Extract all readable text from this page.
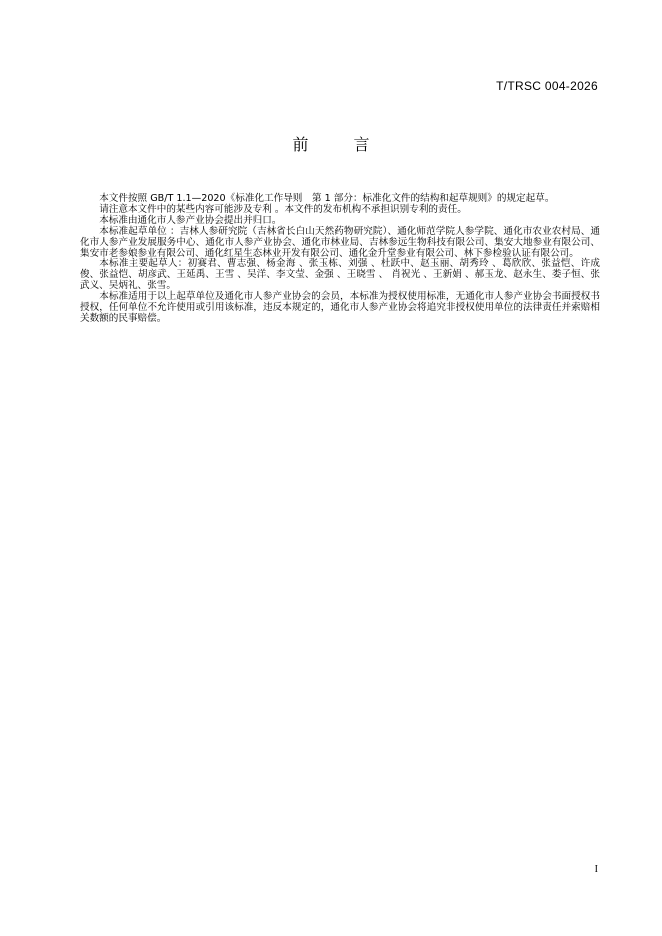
T/TRSC 004-2026
前 言

本文件按照 GB/T 1.1—2020《标准化工作导则　第 1 部分：标准化文件的结构和起草规则》的规定起草。

请注意本文件中的某些内容可能涉及专利 。本文件的发布机构不承担识别专利的责任。

本标准由通化市人参产业协会提出并归口。

本标准起草单位 ：吉林人参研究院（吉林省长白山天然药物研究院）、通化师范学院人参学院、通化市农业农村局、通化市人参产业发展服务中心、通化市人参产业协会、通化市林业局、吉林参远生物科技有限公司、集安大地参业有限公司、集安市老参娘参业有限公司、通化红星生态林业开发有限公司、通化金升堂参业有限公司、林下参检验认证有限公司。

本标准主要起草人：初赛君、曹志强、杨金海 、张玉栋、刘强 、杜跃中、赵玉丽、胡秀玲 、葛欣欣、张益恺、许成俊、张益恺、胡彦武、王延禹、王雪 、吴洋、李文莹、金强 、王晓雪 、 肖祝光 、王新娟 、郝玉龙、赵永生、娄子恒、张武义、吴炳礼、张雪。

本标准适用于以上起草单位及通化市人参产业协会的会员，本标准为授权使用标准，无通化市人参产业协会书面授权书授权，任何单位不允许使用或引用该标准，违反本规定的，通化市人参产业协会将追究非授权使用单位的法律责任并索赔相关数额的民事赔偿。

I
